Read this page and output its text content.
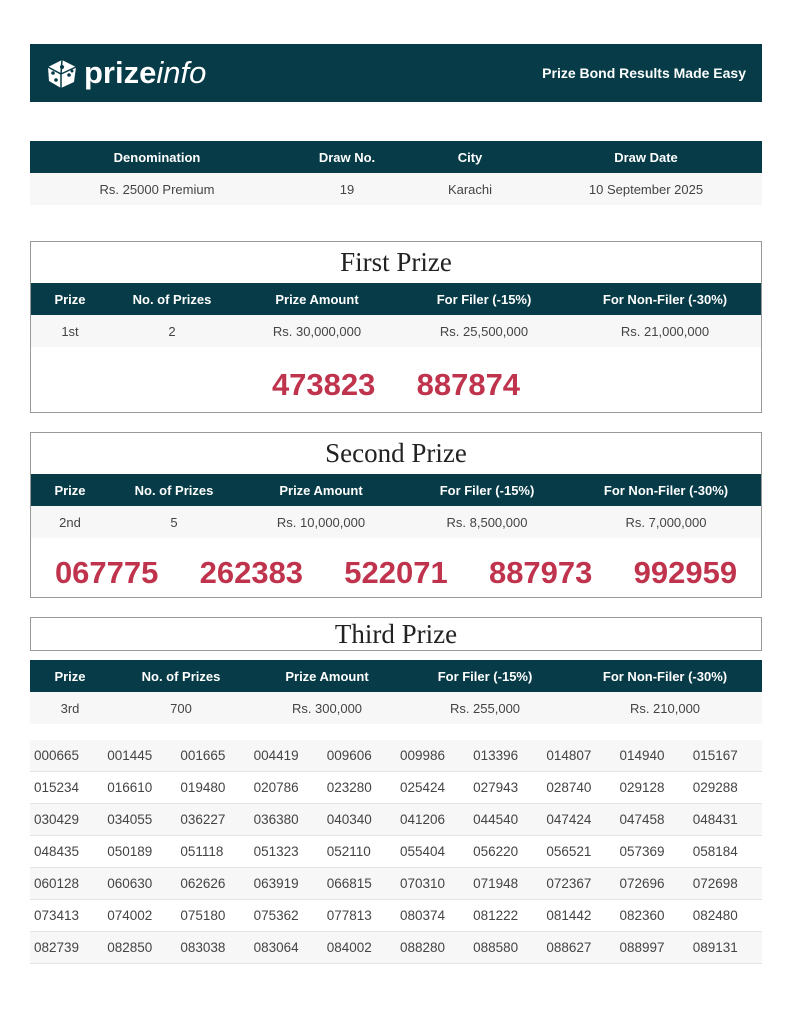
prize info	Prize Bond Results Made Easy
Denomination	Draw No.	City	Draw Date
Rs. 25000 Premium	19	Karachi	10 September 2025
First Prize
Prize	No. of Prizes	Prize Amount	For Filer (-15%)	For Non-Filer (-30%)
1st	2	Rs. 30,000,000	Rs. 25,500,000	Rs. 21,000,000
473823  887874
Second Prize
Prize	No. of Prizes	Prize Amount	For Filer (-15%)	For Non-Filer (-30%)
2nd	5	Rs. 10,000,000	Rs. 8,500,000	Rs. 7,000,000
067775  262383  522071  887973  992959
Third Prize
Prize	No. of Prizes	Prize Amount	For Filer (-15%)	For Non-Filer (-30%)
3rd	700	Rs. 300,000	Rs. 255,000	Rs. 210,000
000665	001445	001665	004419	009606	009986	013396	014807	014940	015167
015234	016610	019480	020786	023280	025424	027943	028740	029128	029288
030429	034055	036227	036380	040340	041206	044540	047424	047458	048431
048435	050189	051118	051323	052110	055404	056220	056521	057369	058184
060128	060630	062626	063919	066815	070310	071948	072367	072696	072698
073413	074002	075180	075362	077813	080374	081222	081442	082360	082480
082739	082850	083038	083064	084002	088280	088580	088627	088997	089131
